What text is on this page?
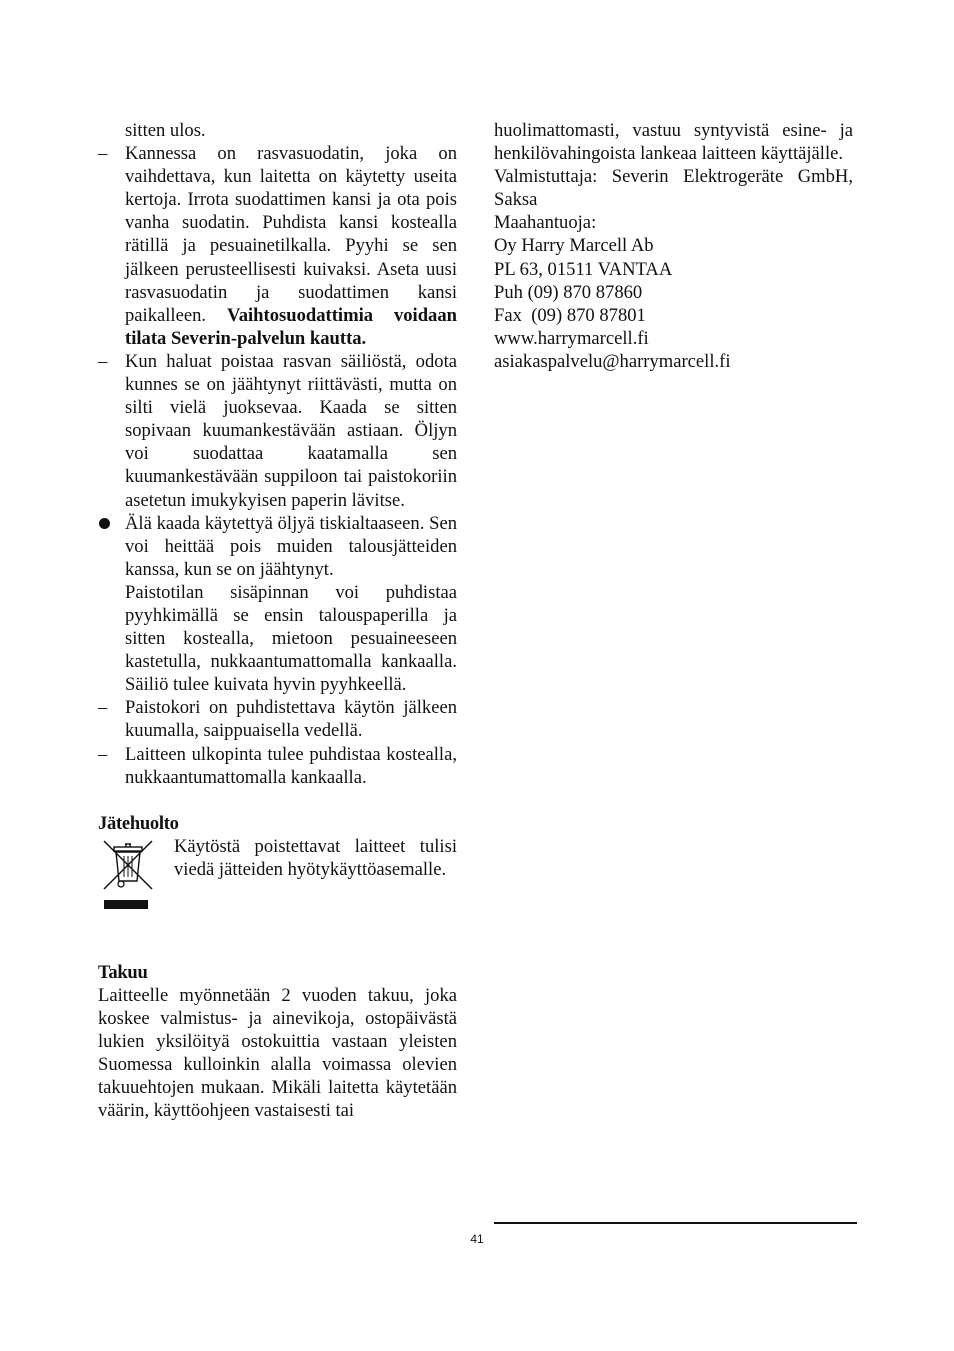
sitten ulos.
– Kannessa on rasvasuodatin, joka on vaihdettava, kun laitetta on käytetty useita kertoja. Irrota suodattimen kansi ja ota pois vanha suodatin. Puhdista kansi kostealla rätillä ja pesuainetilkalla. Pyyhi se sen jälkeen perusteellisesti kuivaksi. Aseta uusi rasvasuodatin ja suodattimen kansi paikalleen. Vaihtosuodattimia voidaan tilata Severin-palvelun kautta.
– Kun haluat poistaa rasvan säiliöstä, odota kunnes se on jäähtynyt riittävästi, mutta on silti vielä juoksevaa. Kaada se sitten sopivaan kuumankestävään astiaan. Öljyn voi suodattaa kaatamalla sen kuumankestävään suppiloon tai paistokoriin asetetun imukykyisen paperin lävitse.
Älä kaada käytettyä öljyä tiskialtaaseen. Sen voi heittää pois muiden talousjätteiden kanssa, kun se on jäähtynyt.
Paistotilan sisäpinnan voi puhdistaa pyyhkimällä se ensin talouspaperilla ja sitten kostealla, mietoon pesuaineeseen kastetulla, nukkaantumattomalla kankaalla. Säiliö tulee kuivata hyvin pyyhkeellä.
– Paistokori on puhdistettava käytön jälkeen kuumalla, saippuaisella vedellä.
– Laitteen ulkopinta tulee puhdistaa kostealla, nukkaantumattomalla kankaalla.
Jätehuolto
Käytöstä poistettavat laitteet tulisi viedä jätteiden hyötykäyttöasemalle.
Takuu
Laitteelle myönnetään 2 vuoden takuu, joka koskee valmistus- ja ainevikoja, ostopäivästä lukien yksilöityä ostokuittia vastaan yleisten Suomessa kulloinkin alalla voimassa olevien takuuehtojen mukaan. Mikäli laitetta käytetään väärin, käyttöohjeen vastaisesti tai
huolimattomasti, vastuu syntyvistä esine- ja henkilövahingoista lankeaa laitteen käyttäjälle.
Valmistuttaja: Severin Elektrogeräte GmbH, Saksa
Maahantuoja:
Oy Harry Marcell Ab
PL 63, 01511 VANTAA
Puh (09) 870 87860
Fax  (09) 870 87801
www.harrymarcell.fi
asiakaspalvelu@harrymarcell.fi
41
